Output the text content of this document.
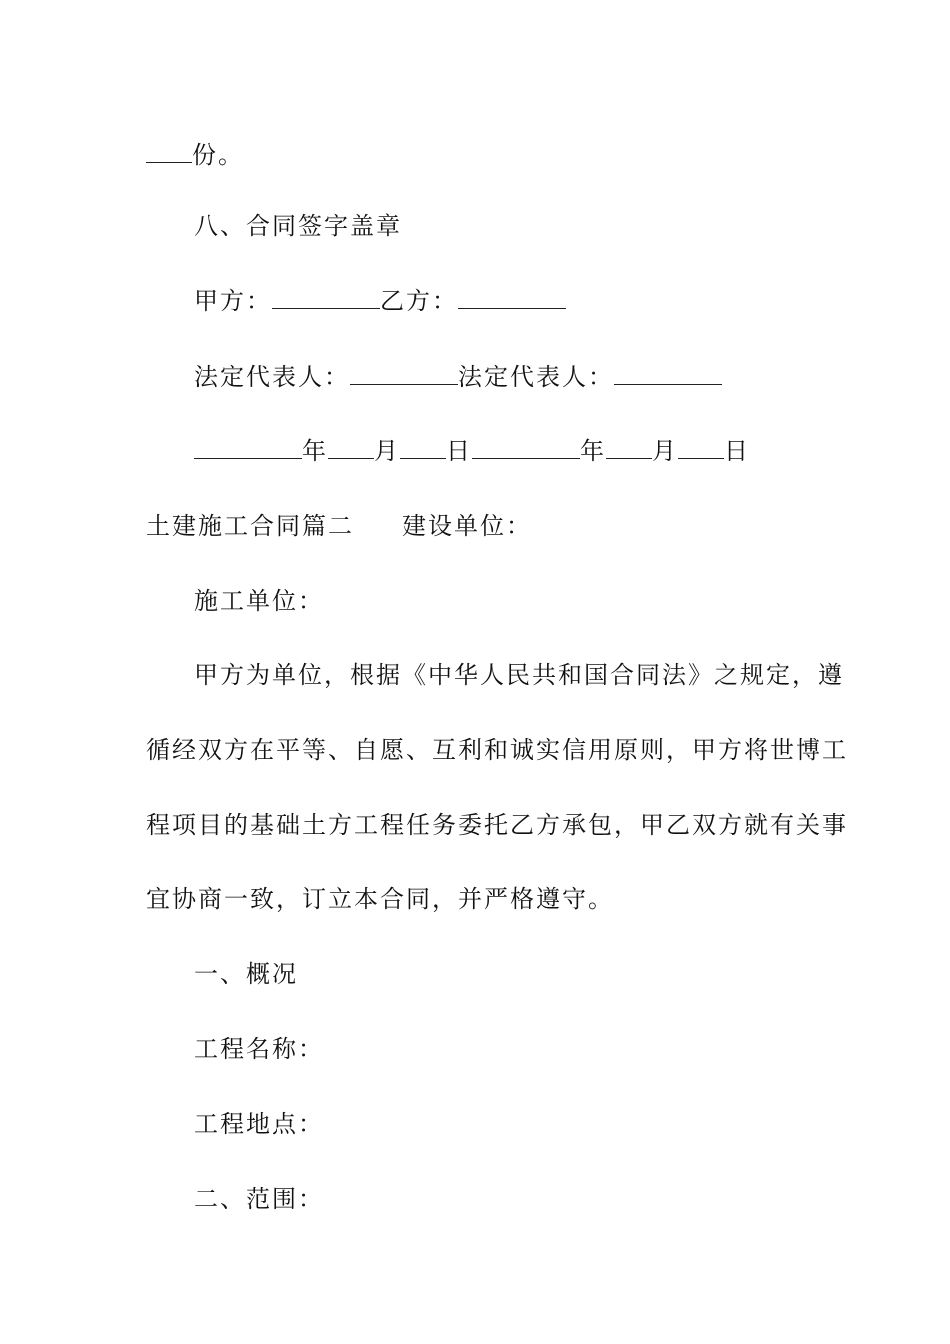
份。
八、合同签字盖章
甲方：	乙方：
法定代表人：	法定代表人：
年 月 日	年 月 日
土建施工合同篇二 建设单位：
施工单位：
甲方为单位，根据《中华人民共和国合同法》之规定，遵
循经双方在平等、自愿、互利和诚实信用原则，甲方将世博工
程项目的基础土方工程任务委托乙方承包，甲乙双方就有关事
宜协商一致，订立本合同，并严格遵守。
一、概况
工程名称：
工程地点：
二、范围：
